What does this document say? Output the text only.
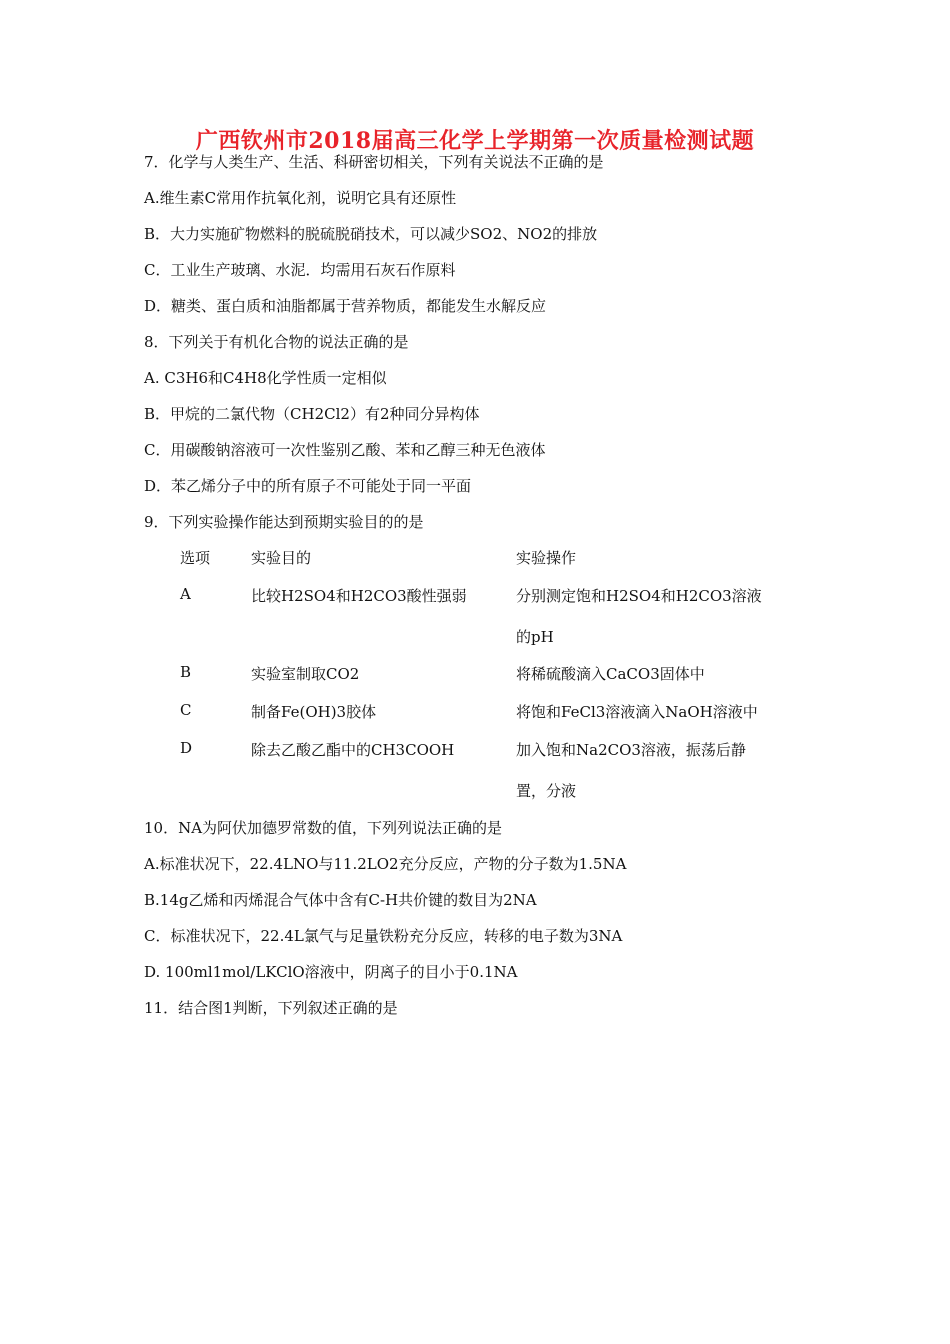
广西钦州市2018届高三化学上学期第一次质量检测试题
7．化学与人类生产、生活、科研密切相关，下列有关说法不正确的是
A.维生素C常用作抗氧化剂，说明它具有还原性
B．大力实施矿物燃料的脱硫脱硝技术，可以减少SO2、NO2的排放
C．工业生产玻璃、水泥．均需用石灰石作原料
D．糖类、蛋白质和油脂都属于营养物质，都能发生水解反应
8．下列关于有机化合物的说法正确的是
A. C3H6和C4H8化学性质一定相似
B．甲烷的二氯代物（CH2Cl2）有2种同分异构体
C．用碳酸钠溶液可一次性鉴别乙酸、苯和乙醇三种无色液体
D．苯乙烯分子中的所有原子不可能处于同一平面
9．下列实验操作能达到预期实验目的的是
选项	实验目的	实验操作
A	比较H2SO4和H2CO3酸性强弱	分别测定饱和H2SO4和H2CO3溶液
的pH
B	实验室制取CO2	将稀硫酸滴入CaCO3固体中
C	制备Fe(OH)3胶体	将饱和FeCl3溶液滴入NaOH溶液中
D	除去乙酸乙酯中的CH3COOH	加入饱和Na2CO3溶液，振荡后静
置，分液
10．NA为阿伏加德罗常数的值，下列列说法正确的是
A.标准状况下，22.4LNO与11.2LO2充分反应，产物的分子数为1.5NA
B.14g乙烯和丙烯混合气体中含有C-H共价键的数目为2NA
C．标准状况下，22.4L氯气与足量铁粉充分反应，转移的电子数为3NA
D. 100ml1mol/LKClO溶液中，阴离子的目小于0.1NA
11．结合图1判断，下列叙述正确的是
